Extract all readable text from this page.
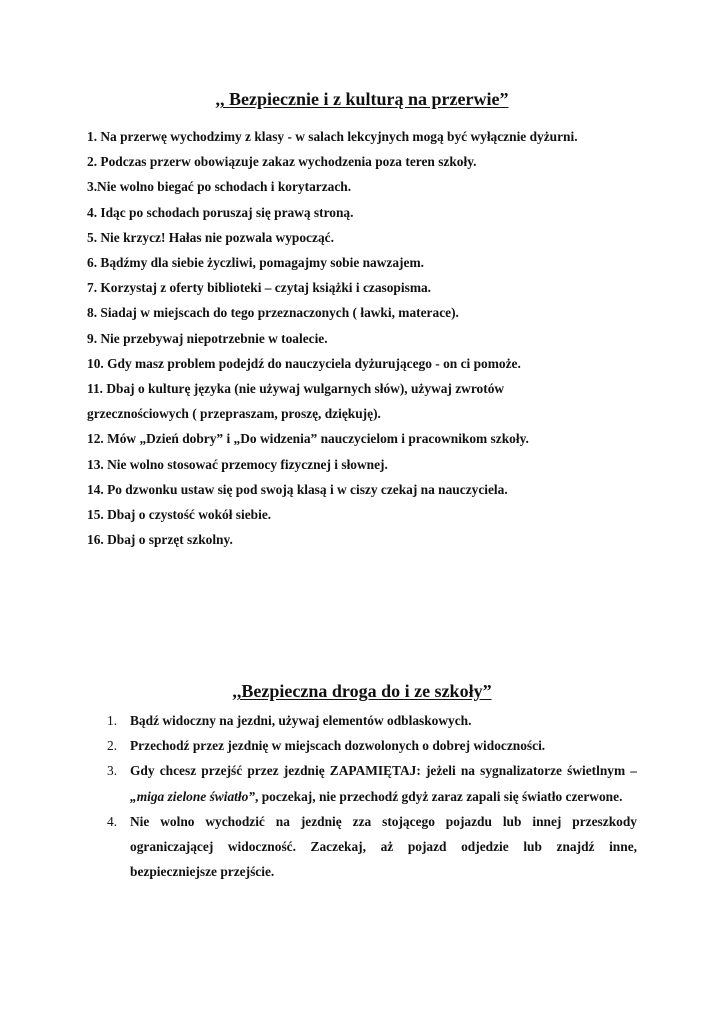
,, Bezpiecznie i z kulturą na przerwie”
1. Na przerwę wychodzimy z klasy - w salach lekcyjnych mogą być wyłącznie dyżurni.
2. Podczas przerw obowiązuje zakaz wychodzenia poza teren szkoły.
3.Nie wolno biegać po schodach i korytarzach.
4. Idąc po schodach poruszaj się prawą stroną.
5. Nie krzycz! Hałas nie pozwala wypocząć.
6. Bądźmy dla siebie życzliwi, pomagajmy sobie nawzajem.
7. Korzystaj z oferty biblioteki – czytaj książki i czasopisma.
8. Siadaj w miejscach do tego przeznaczonych ( ławki, materace).
9. Nie przebywaj niepotrzebnie w toalecie.
10. Gdy masz problem podejdź do nauczyciela dyżurującego - on ci pomoże.
11. Dbaj o kulturę języka (nie używaj wulgarnych słów), używaj zwrotów
grzecznościowych ( przepraszam, proszę, dziękuję).
12. Mów „Dzień dobry” i „Do widzenia” nauczycielom i pracownikom szkoły.
13. Nie wolno stosować przemocy fizycznej i słownej.
14. Po dzwonku ustaw się pod swoją klasą i w ciszy czekaj na nauczyciela.
15. Dbaj o czystość wokół siebie.
16. Dbaj o sprzęt szkolny.
,,Bezpieczna droga do i ze szkoły”
1. Bądź widoczny na jezdni, używaj elementów odblaskowych.
2. Przechodź przez jezdnię w miejscach dozwolonych o dobrej widoczności.
3. Gdy chcesz przejść przez jezdnię ZAPAMIĘTAJ: jeżeli na sygnalizatorze świetlnym – „miga zielone światło”, poczekaj, nie przechodź gdyż zaraz zapali się światło czerwone.
4. Nie wolno wychodzić na jezdnię zza stojącego pojazdu lub innej przeszkody ograniczającej widoczność. Zaczekaj, aż pojazd odjedzie lub znajdź inne, bezpieczniejsze przejście.
